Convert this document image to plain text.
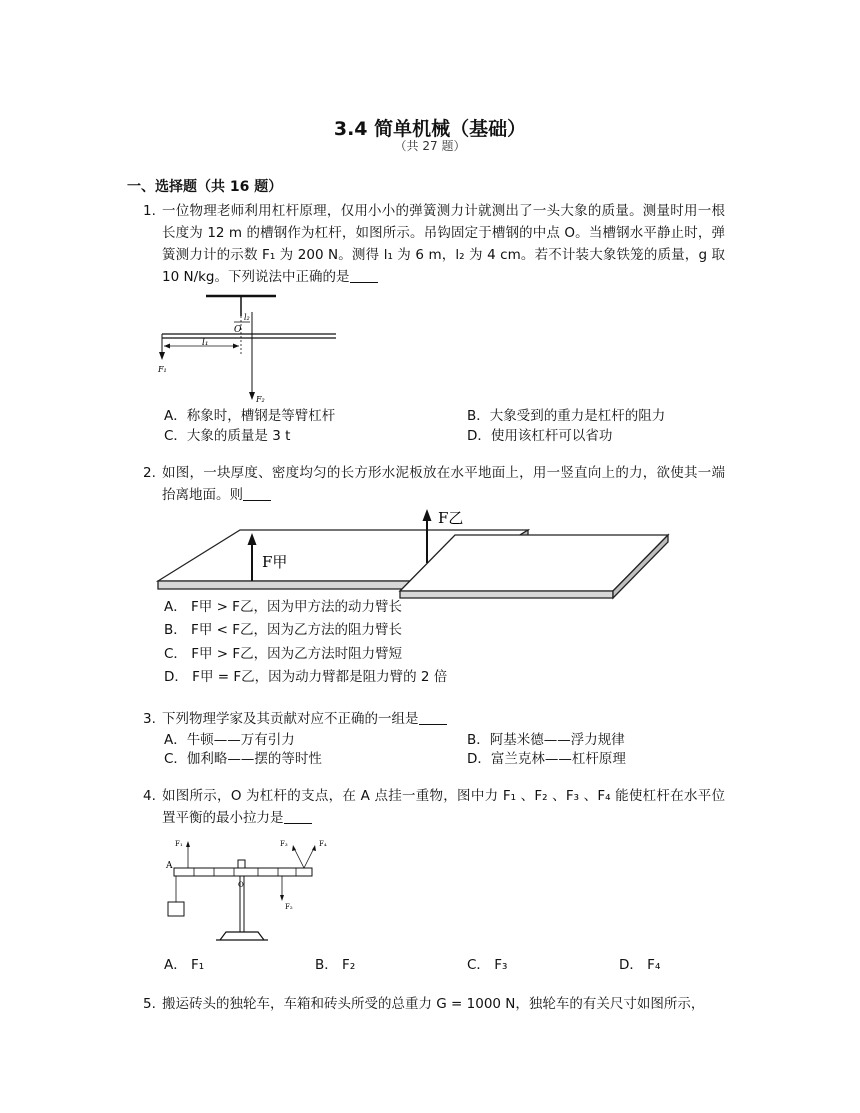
3.4 简单机械（基础）
（共 27 题）
一、选择题（共 16 题）
1. 一位物理老师利用杠杆原理，仅用小小的弹簧测力计就测出了一头大象的质量。测量时用一根长度为 12 m 的槽钢作为杠杆，如图所示。吊钩固定于槽钢的中点 O。当槽钢水平静止时，弹簧测力计的示数 F₁ 为 200 N。测得 l₁ 为 6 m，l₂ 为 4 cm。若不计装大象铁笼的质量，g 取 10 N/kg。下列说法中正确的是
O
l₂
l₁
F₁
F₂
A．称象时，槽钢是等臂杠杆	B．大象受到的重力是杠杆的阻力
C．大象的质量是 3 t	D．使用该杠杆可以省功
2. 如图，一块厚度、密度均匀的长方形水泥板放在水平地面上，用一竖直向上的力，欲使其一端抬离地面。则
F甲
F乙
A． F甲 > F乙，因为甲方法的动力臂长
B． F甲 < F乙，因为乙方法的阻力臂长
C． F甲 > F乙，因为乙方法时阻力臂短
D． F甲 = F乙，因为动力臂都是阻力臂的 2 倍
3. 下列物理学家及其贡献对应不正确的一组是
A．牛顿——万有引力	B．阿基米德——浮力规律
C．伽利略——摆的等时性	D．富兰克林——杠杆原理
4. 如图所示，O 为杠杆的支点，在 A 点挂一重物，图中力 F₁ 、F₂ 、F₃ 、F₄ 能使杠杆在水平位置平衡的最小拉力是
A
O
F₁
F₂
F₃	F₄
A． F₁	B． F₂	C． F₃	D． F₄
5. 搬运砖头的独轮车，车箱和砖头所受的总重力 G = 1000 N，独轮车的有关尺寸如图所示，
